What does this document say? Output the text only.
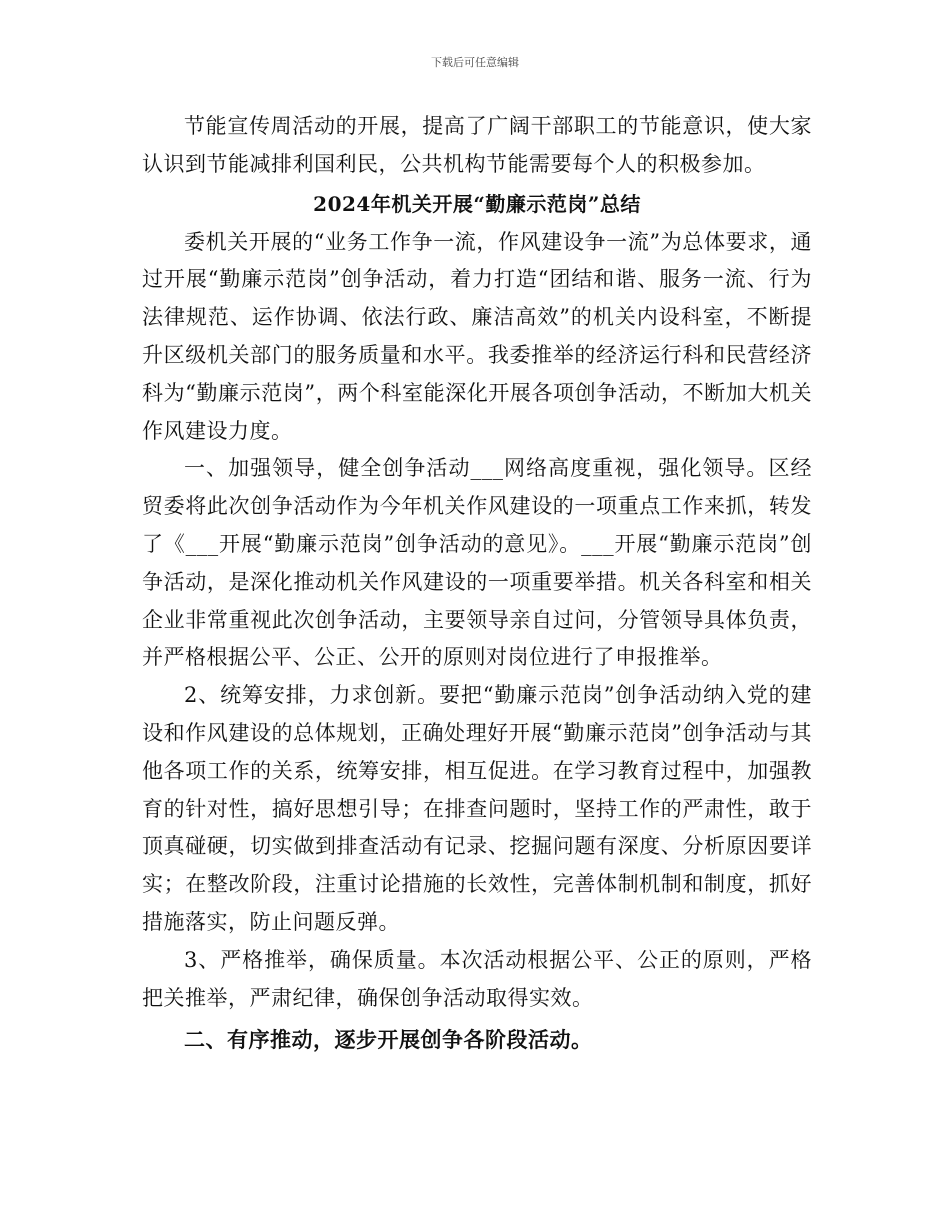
下载后可任意编辑

节能宣传周活动的开展，提高了广阔干部职工的节能意识，使大家认识到节能减排利国利民，公共机构节能需要每个人的积极参加。

2024年机关开展“勤廉示范岗”总结

委机关开展的“业务工作争一流，作风建设争一流”为总体要求，通过开展“勤廉示范岗”创争活动，着力打造“团结和谐、服务一流、行为法律规范、运作协调、依法行政、廉洁高效”的机关内设科室，不断提升区级机关部门的服务质量和水平。我委推举的经济运行科和民营经济科为“勤廉示范岗”，两个科室能深化开展各项创争活动，不断加大机关作风建设力度。

一、加强领导，健全创争活动___网络高度重视，强化领导。区经贸委将此次创争活动作为今年机关作风建设的一项重点工作来抓，转发了《___开展“勤廉示范岗”创争活动的意见》。___开展“勤廉示范岗”创争活动，是深化推动机关作风建设的一项重要举措。机关各科室和相关企业非常重视此次创争活动，主要领导亲自过问，分管领导具体负责，并严格根据公平、公正、公开的原则对岗位进行了申报推举。

2、统筹安排，力求创新。要把“勤廉示范岗”创争活动纳入党的建设和作风建设的总体规划，正确处理好开展“勤廉示范岗”创争活动与其他各项工作的关系，统筹安排，相互促进。在学习教育过程中，加强教育的针对性，搞好思想引导；在排查问题时，坚持工作的严肃性，敢于顶真碰硬，切实做到排查活动有记录、挖掘问题有深度、分析原因要详实；在整改阶段，注重讨论措施的长效性，完善体制机制和制度，抓好措施落实，防止问题反弹。

3、严格推举，确保质量。本次活动根据公平、公正的原则，严格把关推举，严肃纪律，确保创争活动取得实效。

二、有序推动，逐步开展创争各阶段活动。
